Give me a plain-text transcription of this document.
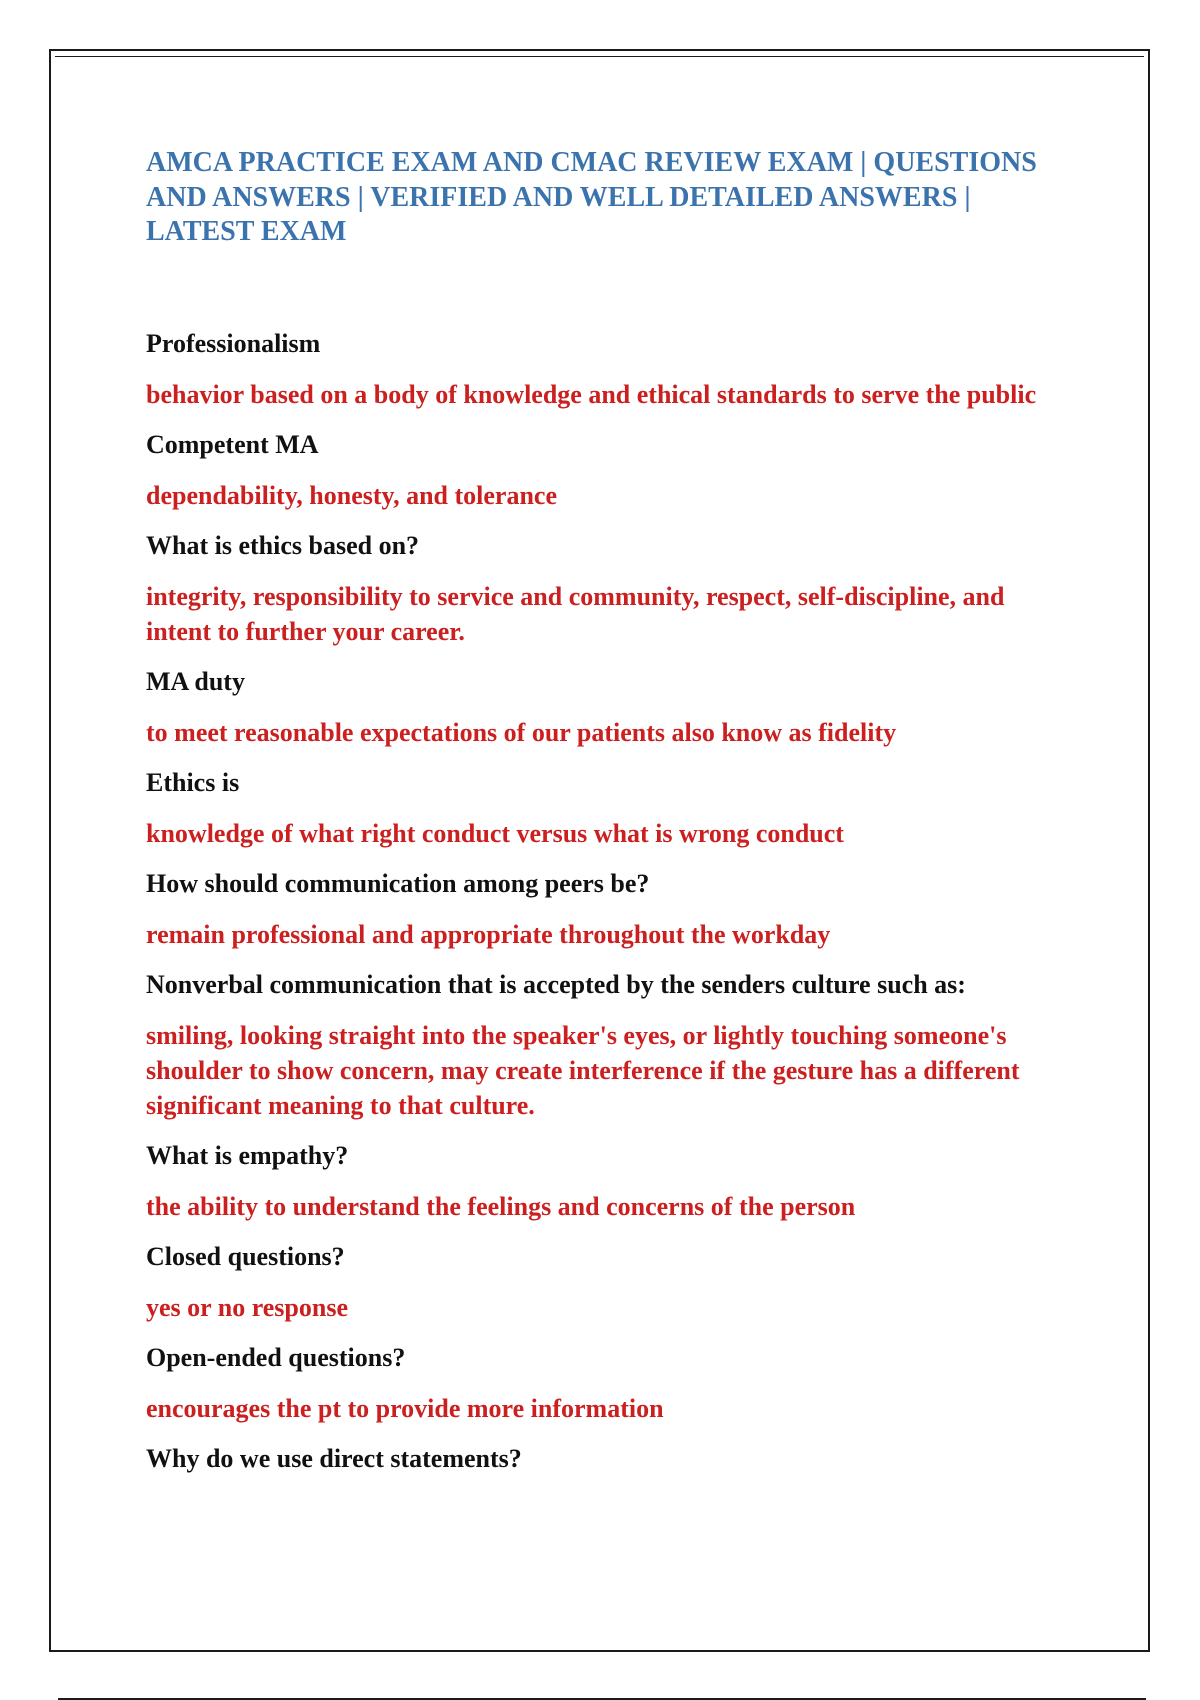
AMCA PRACTICE EXAM AND CMAC REVIEW EXAM | QUESTIONS AND ANSWERS | VERIFIED AND WELL DETAILED ANSWERS | LATEST EXAM

Professionalism

behavior based on a body of knowledge and ethical standards to serve the public

Competent MA

dependability, honesty, and tolerance

What is ethics based on?

integrity, responsibility to service and community, respect, self-discipline, and intent to further your career.

MA duty

to meet reasonable expectations of our patients also know as fidelity

Ethics is

knowledge of what right conduct versus what is wrong conduct

How should communication among peers be?

remain professional and appropriate throughout the workday

Nonverbal communication that is accepted by the senders culture such as:

smiling, looking straight into the speaker's eyes, or lightly touching someone's shoulder to show concern, may create interference if the gesture has a different significant meaning to that culture.

What is empathy?

the ability to understand the feelings and concerns of the person

Closed questions?

yes or no response

Open-ended questions?

encourages the pt to provide more information

Why do we use direct statements?
